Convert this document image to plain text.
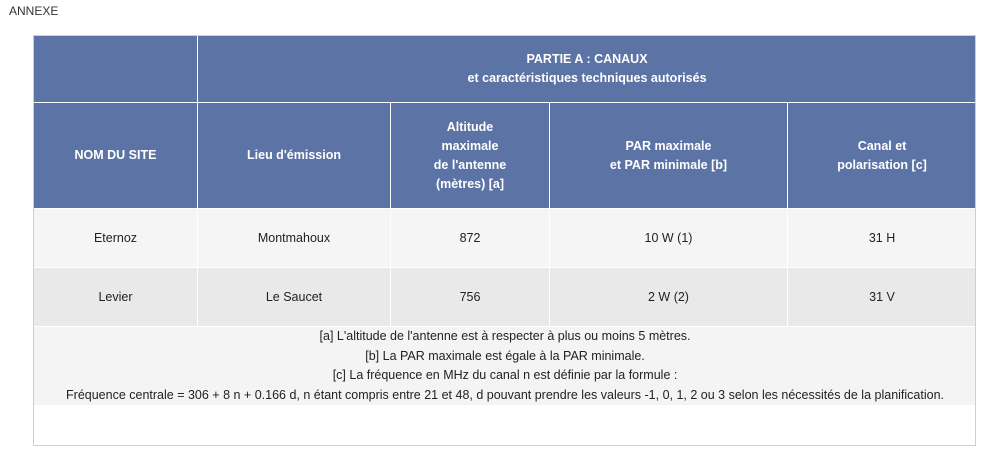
ANNEXE

	PARTIE A : CANAUX
et caractéristiques techniques autorisés			

NOM DU SITE	Lieu d'émission	Altitude
maximale
de l'antenne
(mètres) [a]	PAR maximale
et PAR minimale [b]	Canal et
polarisation [c]

Eternoz	Montmahoux	872	10 W (1)	31 H
Levier	Le Saucet	756	2 W (2)	31 V

[a] L'altitude de l'antenne est à respecter à plus ou moins 5 mètres.
[b] La PAR maximale est égale à la PAR minimale.
[c] La fréquence en MHz du canal n est définie par la formule :
Fréquence centrale = 306 + 8 n + 0.166 d, n étant compris entre 21 et 48, d pouvant prendre les valeurs -1, 0, 1, 2 ou 3 selon les nécessités de la planification.				
